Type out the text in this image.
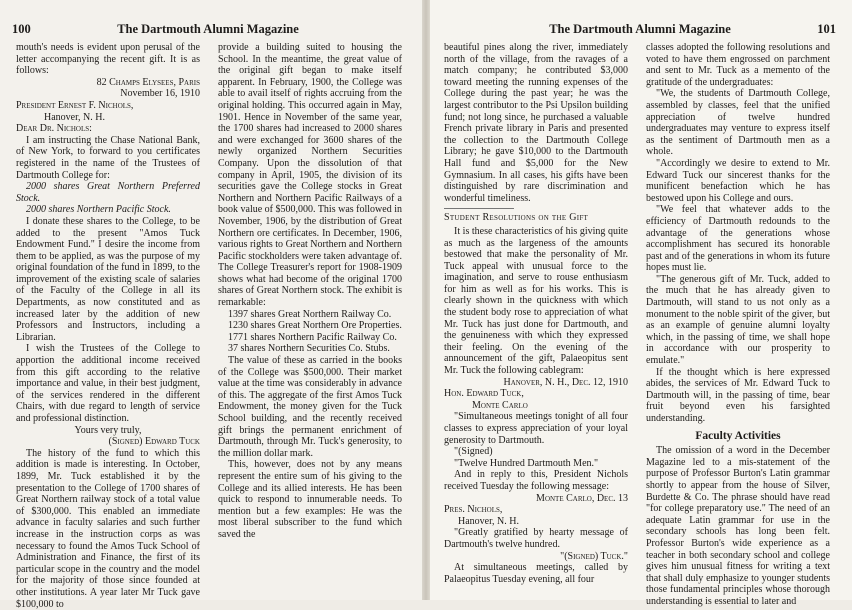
100	The Dartmouth Alumni Magazine

mouth's needs is evident upon perusal of the letter accompanying the recent gift. It is as follows:

82 Champs Elysees, Paris

November 16, 1910

President Ernest F. Nichols,

Hanover, N. H.

Dear Dr. Nichols:

I am instructing the Chase National Bank, of New York, to forward to you certificates registered in the name of the Trustees of Dartmouth College for:

2000 shares Great Northern Preferred Stock.

2000 shares Northern Pacific Stock.

I donate these shares to the College, to be added to the present "Amos Tuck Endowment Fund." I desire the income from them to be applied, as was the purpose of my original foundation of the fund in 1899, to the improvement of the existing scale of salaries of the Faculty of the College in all its Departments, as now constituted and as increased later by the addition of new Professors and Instructors, including a Librarian.

I wish the Trustees of the College to apportion the additional income received from this gift according to the relative importance and value, in their best judgment, of the services rendered in the different Chairs, with due regard to length of service and professional distinction.

Yours very truly,

(Signed) Edward Tuck

The history of the fund to which this addition is made is interesting. In October, 1899, Mr. Tuck established it by the presentation to the College of 1700 shares of Great Northern railway stock of a total value of $300,000. This enabled an immediate advance in faculty salaries and such further increase in the instruction corps as was necessary to found the Amos Tuck School of Administration and Finance, the first of its particular scope in the country and the model for the majority of those since founded at other institutions. A year later Mr Tuck gave $100,000 to

provide a building suited to housing the School. In the meantime, the great value of the original gift began to make itself apparent. In February, 1900, the College was able to avail itself of rights accruing from the original holding. This occurred again in May, 1901. Hence in November of the same year, the 1700 shares had increased to 2000 shares and were exchanged for 3600 shares of the newly organized Northern Securities Company. Upon the dissolution of that company in April, 1905, the division of its securities gave the College stocks in Great Northern and Northern Pacific Railways of a book value of $500,000. This was followed in November, 1906, by the distribution of Great Northern ore certificates. In December, 1906, various rights to Great Northern and Northern Pacific stockholders were taken advantage of. The College Treasurer's report for 1908-1909 shows what had become of the original 1700 shares of Great Northern stock. The exhibit is remarkable:

1397 shares Great Northern Railway Co.

1230 shares Great Northern Ore Properties.

1771 shares Northern Pacific Railway Co.

37 shares Northern Securities Co. Stubs.

The value of these as carried in the books of the College was $500,000. Their market value at the time was considerably in advance of this. The aggregate of the first Amos Tuck Endowment, the money given for the Tuck School building, and the recently received gift brings the permanent enrichment of Dartmouth, through Mr. Tuck's generosity, to the million dollar mark.

This, however, does not by any means represent the entire sum of his giving to the College and its allied interests. He has been quick to respond to innumerable needs. To mention but a few examples: He was the most liberal subscriber to the fund which saved the

The Dartmouth Alumni Magazine	101

beautiful pines along the river, immediately north of the village, from the ravages of a match company; he contributed $3,000 toward meeting the running expenses of the College during the past year; he was the largest contributor to the Psi Upsilon building fund; not long since, he purchased a valuable French private library in Paris and presented the collection to the Dartmouth College Library; he gave $10,000 to the Dartmouth Hall fund and $5,000 for the New Gymnasium. In all cases, his gifts have been distinguished by rare discrimination and wonderful timeliness.

Student Resolutions on the Gift

It is these characteristics of his giving quite as much as the largeness of the amounts bestowed that make the personality of Mr. Tuck appeal with unusual force to the imagination, and serve to rouse enthusiasm for him as well as for his works. This is clearly shown in the quickness with which the student body rose to appreciation of what Mr. Tuck has just done for Dartmouth, and the genuineness with which they expressed their feeling. On the evening of the announcement of the gift, Palaeopitus sent Mr. Tuck the following cablegram:

Hanover, N. H., Dec. 12, 1910

Hon. Edward Tuck,

Monte Carlo

"Simultaneous meetings tonight of all four classes to express appreciation of your loyal generosity to Dartmouth.

"(Signed)

"Twelve Hundred Dartmouth Men."

And in reply to this, President Nichols received Tuesday the following message:

Monte Carlo, Dec. 13

Pres. Nichols,

Hanover, N. H.

"Greatly gratified by hearty message of Dartmouth's twelve hundred.

"(Signed) Tuck."

At simultaneous meetings, called by Palaeopitus Tuesday evening, all four

classes adopted the following resolutions and voted to have them engrossed on parchment and sent to Mr. Tuck as a memento of the gratitude of the undergraduates:

"We, the students of Dartmouth College, assembled by classes, feel that the unified appreciation of twelve hundred undergraduates may venture to express itself as the sentiment of Dartmouth men as a whole.

"Accordingly we desire to extend to Mr. Edward Tuck our sincerest thanks for the munificent benefaction which he has bestowed upon his College and ours.

"We feel that whatever adds to the efficiency of Dartmouth redounds to the advantage of the generations whose accomplishment has secured its honorable past and of the generations in whom its future hopes must lie.

"The generous gift of Mr. Tuck, added to the much that he has already given to Dartmouth, will stand to us not only as a monument to the noble spirit of the giver, but as an example of genuine alumni loyalty which, in the passing of time, we shall hope in accordance with our prosperity to emulate."

If the thought which is here expressed abides, the services of Mr. Edward Tuck to Dartmouth will, in the passing of time, bear fruit beyond even his farsighted understanding.

Faculty Activities

The omission of a word in the December Magazine led to a mis-statement of the purpose of Professor Burton's Latin grammar shortly to appear from the house of Silver, Burdette & Co. The phrase should have read "for college preparatory use." The need of an adequate Latin grammar for use in the secondary schools has long been felt. Professor Burton's wide experience as a teacher in both secondary school and college gives him unusual fitness for writing a text that shall duly emphasize to younger students those fundamental principles whose thorough understanding is essential to later and
